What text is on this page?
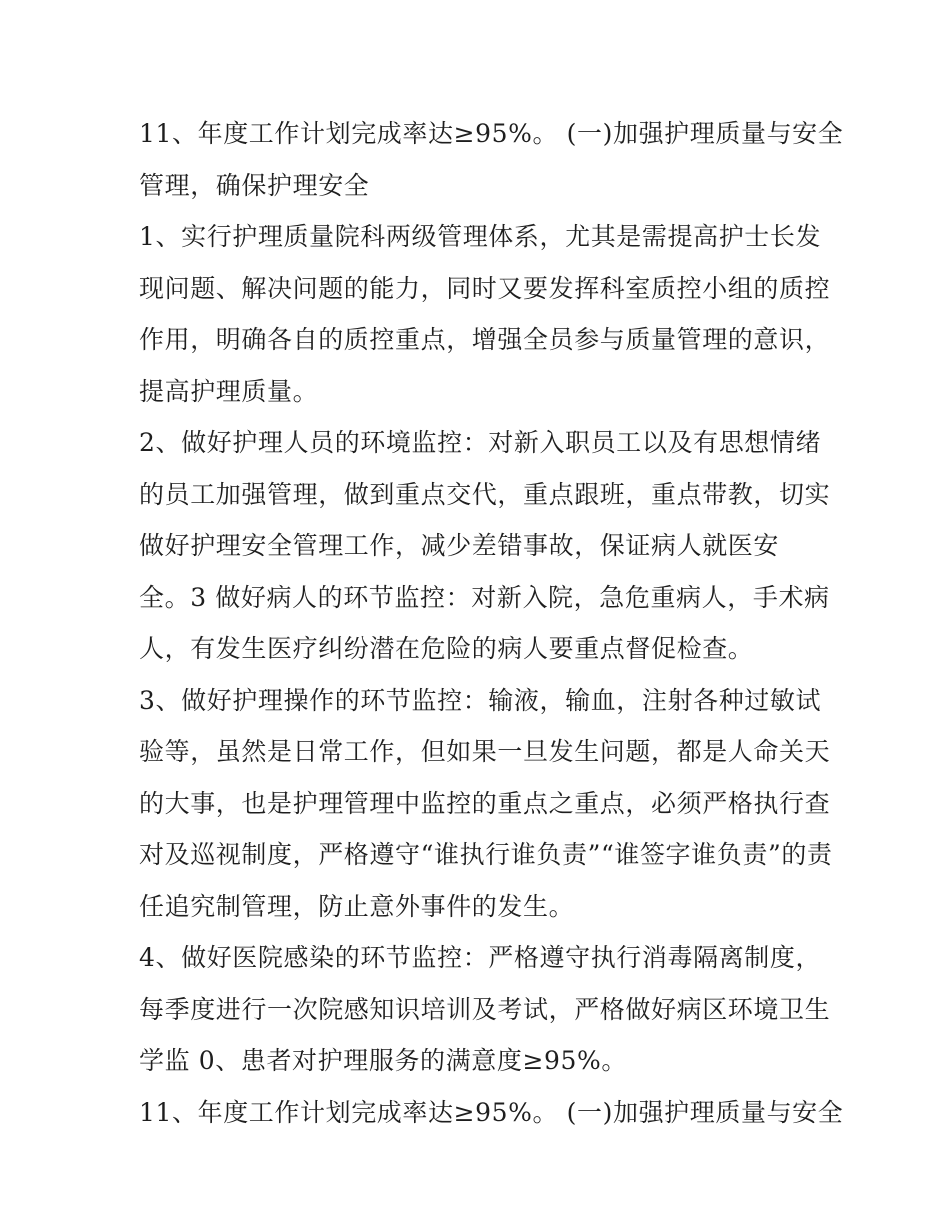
11、年度工作计划完成率达≥95%。 (一)加强护理质量与安全
管理，确保护理安全
1、实行护理质量院科两级管理体系，尤其是需提高护士长发
现问题、解决问题的能力，同时又要发挥科室质控小组的质控
作用，明确各自的质控重点，增强全员参与质量管理的意识，
提高护理质量。
2、做好护理人员的环境监控：对新入职员工以及有思想情绪
的员工加强管理，做到重点交代，重点跟班，重点带教，切实
做好护理安全管理工作，减少差错事故，保证病人就医安
全。3 做好病人的环节监控：对新入院，急危重病人，手术病
人，有发生医疗纠纷潜在危险的病人要重点督促检查。
3、做好护理操作的环节监控：输液，输血，注射各种过敏试
验等，虽然是日常工作，但如果一旦发生问题，都是人命关天
的大事，也是护理管理中监控的重点之重点，必须严格执行查
对及巡视制度，严格遵守“谁执行谁负责”“谁签字谁负责”的责
任追究制管理，防止意外事件的发生。
4、做好医院感染的环节监控：严格遵守执行消毒隔离制度，
每季度进行一次院感知识培训及考试，严格做好病区环境卫生
学监 0、患者对护理服务的满意度≥95%。
11、年度工作计划完成率达≥95%。 (一)加强护理质量与安全
